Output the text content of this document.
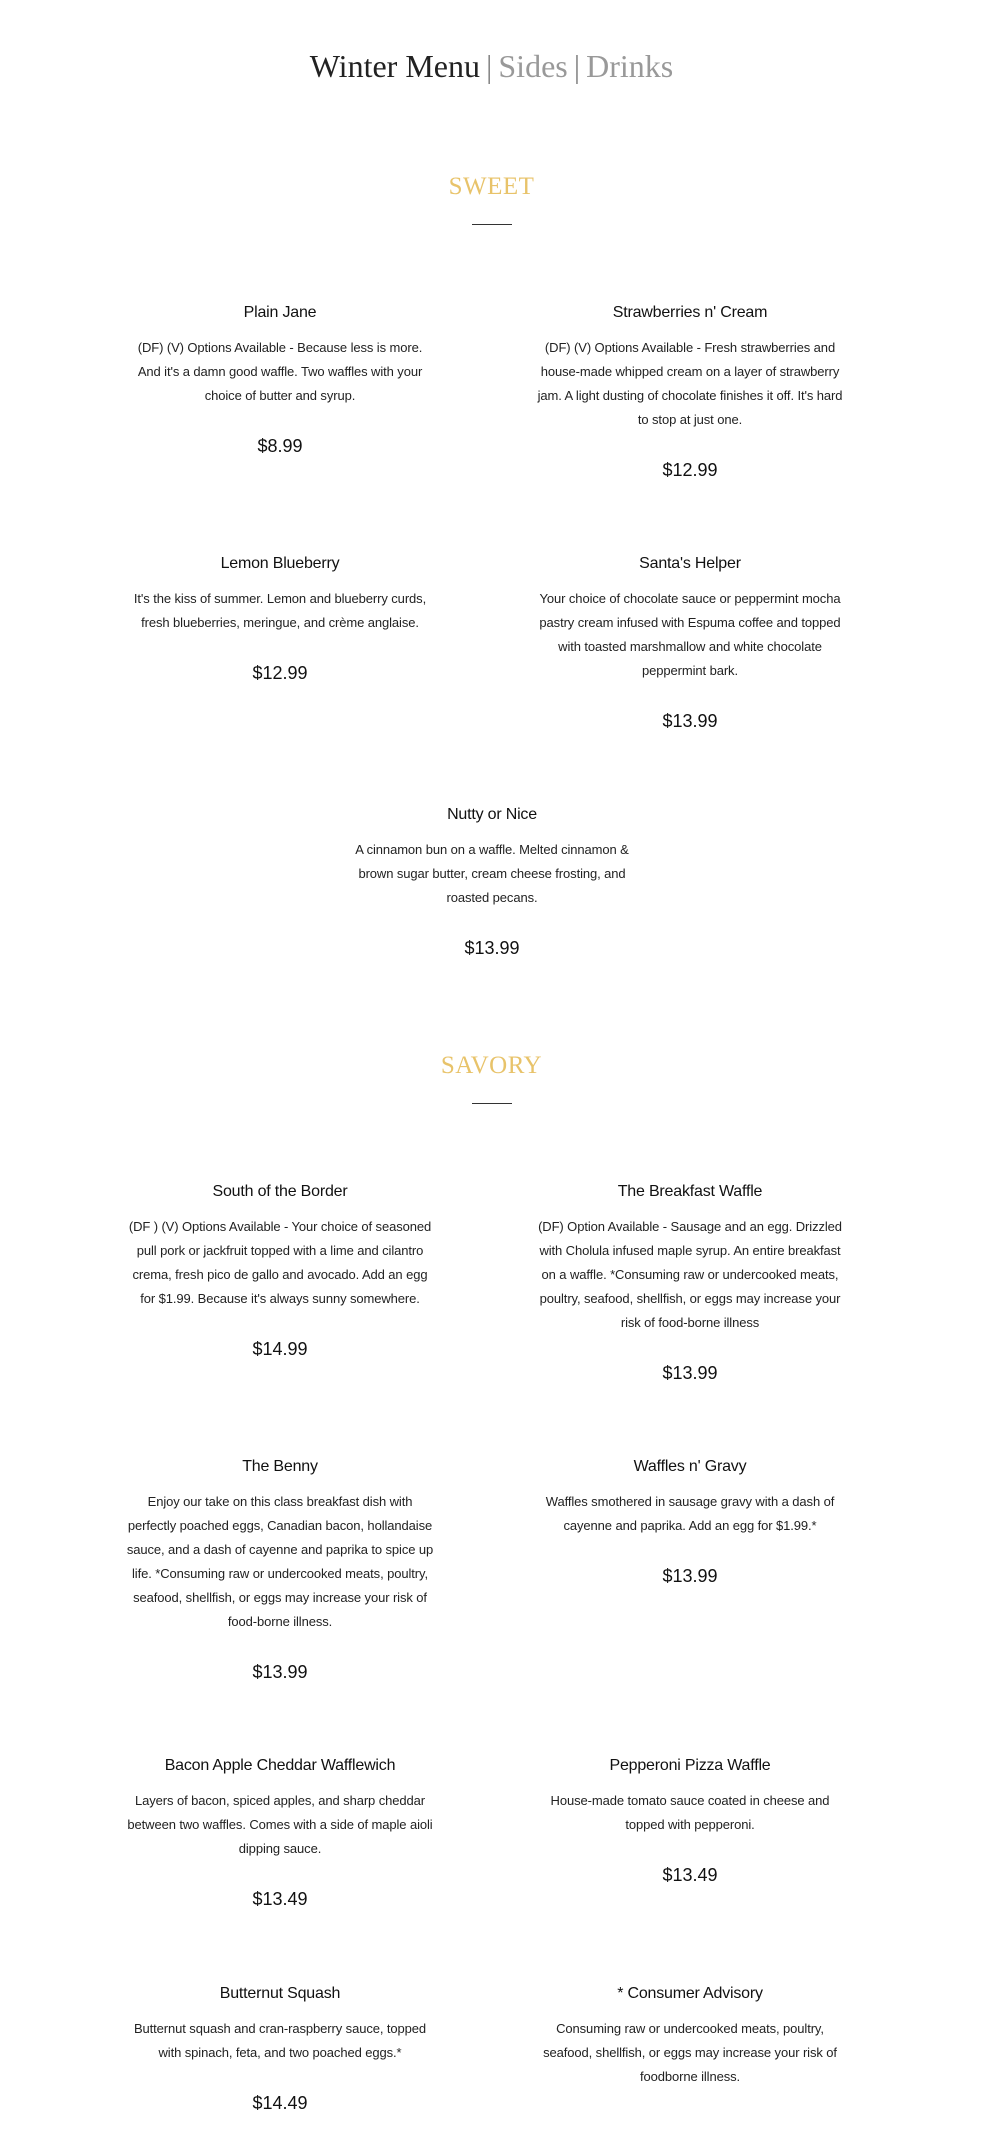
Winter Menu | Sides | Drinks
SWEET
Plain Jane
(DF) (V) Options Available - Because less is more. And it's a damn good waffle. Two waffles with your choice of butter and syrup.
$8.99
Strawberries n' Cream
(DF) (V) Options Available - Fresh strawberries and house-made whipped cream on a layer of strawberry jam. A light dusting of chocolate finishes it off. It's hard to stop at just one.
$12.99
Lemon Blueberry
It's the kiss of summer. Lemon and blueberry curds, fresh blueberries, meringue, and crème anglaise.
$12.99
Santa's Helper
Your choice of chocolate sauce or peppermint mocha pastry cream infused with Espuma coffee and topped with toasted marshmallow and white chocolate peppermint bark.
$13.99
Nutty or Nice
A cinnamon bun on a waffle. Melted cinnamon & brown sugar butter, cream cheese frosting, and roasted pecans.
$13.99
SAVORY
South of the Border
(DF ) (V) Options Available - Your choice of seasoned pull pork or jackfruit topped with a lime and cilantro crema, fresh pico de gallo and avocado. Add an egg for $1.99. Because it's always sunny somewhere.
$14.99
The Breakfast Waffle
(DF) Option Available - Sausage and an egg. Drizzled with Cholula infused maple syrup. An entire breakfast on a waffle. *Consuming raw or undercooked meats, poultry, seafood, shellfish, or eggs may increase your risk of food-borne illness
$13.99
The Benny
Enjoy our take on this class breakfast dish with perfectly poached eggs, Canadian bacon, hollandaise sauce, and a dash of cayenne and paprika to spice up life. *Consuming raw or undercooked meats, poultry, seafood, shellfish, or eggs may increase your risk of food-borne illness.
$13.99
Waffles n' Gravy
Waffles smothered in sausage gravy with a dash of cayenne and paprika. Add an egg for $1.99.*
$13.99
Bacon Apple Cheddar Wafflewich
Layers of bacon, spiced apples, and sharp cheddar between two waffles. Comes with a side of maple aioli dipping sauce.
$13.49
Pepperoni Pizza Waffle
House-made tomato sauce coated in cheese and topped with pepperoni.
$13.49
Butternut Squash
Butternut squash and cran-raspberry sauce, topped with spinach, feta, and two poached eggs.*
$14.49
* Consumer Advisory
Consuming raw or undercooked meats, poultry, seafood, shellfish, or eggs may increase your risk of foodborne illness.
